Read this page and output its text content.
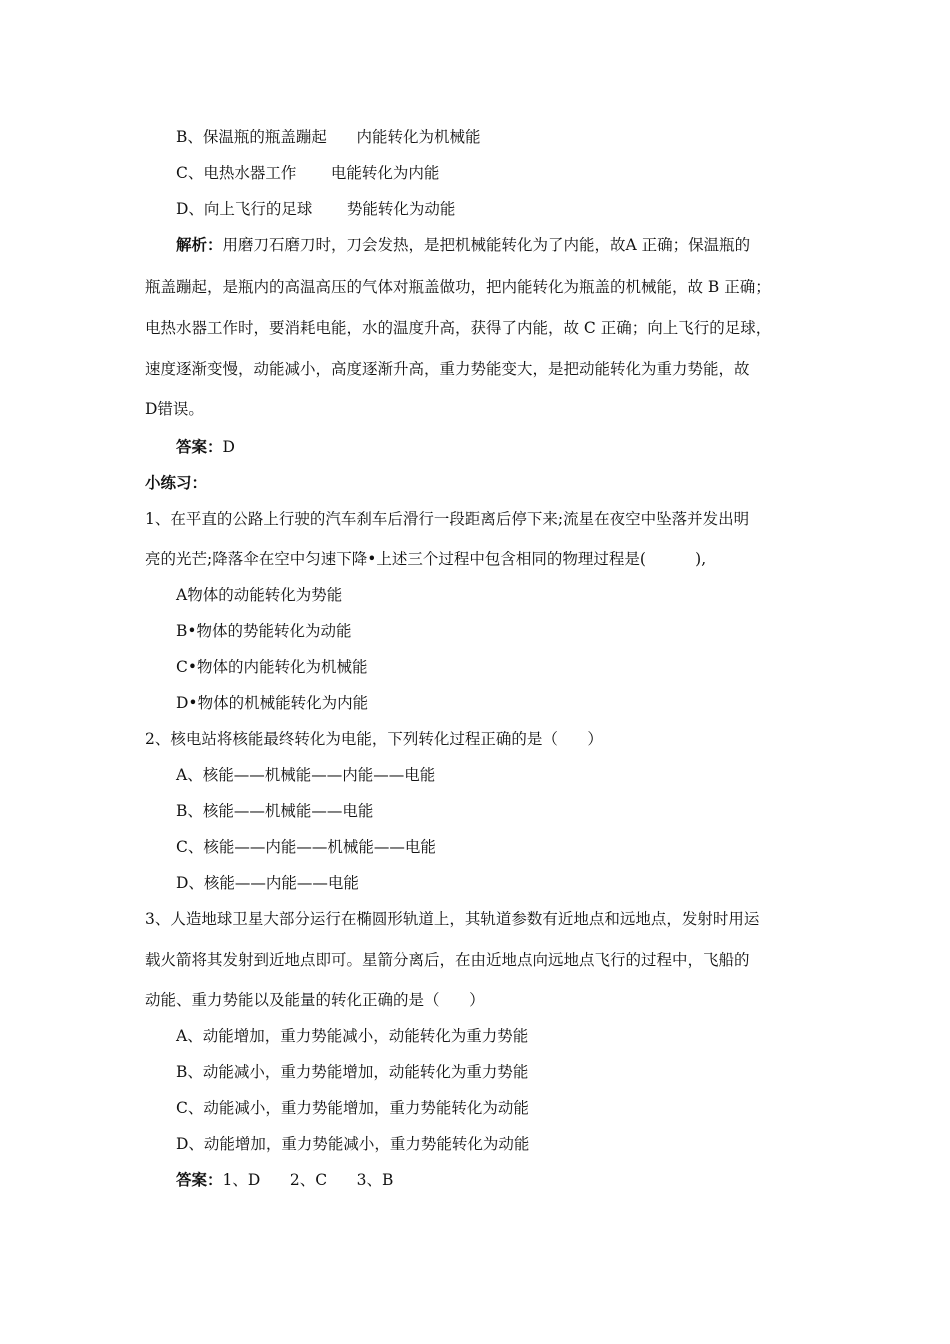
B、保温瓶的瓶盖蹦起      内能转化为机械能
C、电热水器工作       电能转化为内能
D、向上飞行的足球       势能转化为动能
解析：用磨刀石磨刀时，刀会发热，是把机械能转化为了内能，故A 正确；保温瓶的
瓶盖蹦起，是瓶内的高温高压的气体对瓶盖做功，把内能转化为瓶盖的机械能，故 B 正确；
电热水器工作时，要消耗电能，水的温度升高，获得了内能，故 C 正确；向上飞行的足球，
速度逐渐变慢，动能减小，高度逐渐升高，重力势能变大，是把动能转化为重力势能，故
D错误。
答案：D
小练习：
1、在平直的公路上行驶的汽车刹车后滑行一段距离后停下来;流星在夜空中坠落并发出明
亮的光芒;降落伞在空中匀速下降•上述三个过程中包含相同的物理过程是(          ),
A物体的动能转化为势能
B•物体的势能转化为动能
C•物体的内能转化为机械能
D•物体的机械能转化为内能
2、核电站将核能最终转化为电能，下列转化过程正确的是（      ）
A、核能——机械能——内能——电能
B、核能——机械能——电能
C、核能——内能——机械能——电能
D、核能——内能——电能
3、人造地球卫星大部分运行在椭圆形轨道上，其轨道参数有近地点和远地点，发射时用运
载火箭将其发射到近地点即可。星箭分离后，在由近地点向远地点飞行的过程中，飞船的
动能、重力势能以及能量的转化正确的是（      ）
A、动能增加，重力势能减小，动能转化为重力势能
B、动能减小，重力势能增加，动能转化为重力势能
C、动能减小，重力势能增加，重力势能转化为动能
D、动能增加，重力势能减小，重力势能转化为动能
答案：1、D      2、C      3、B
